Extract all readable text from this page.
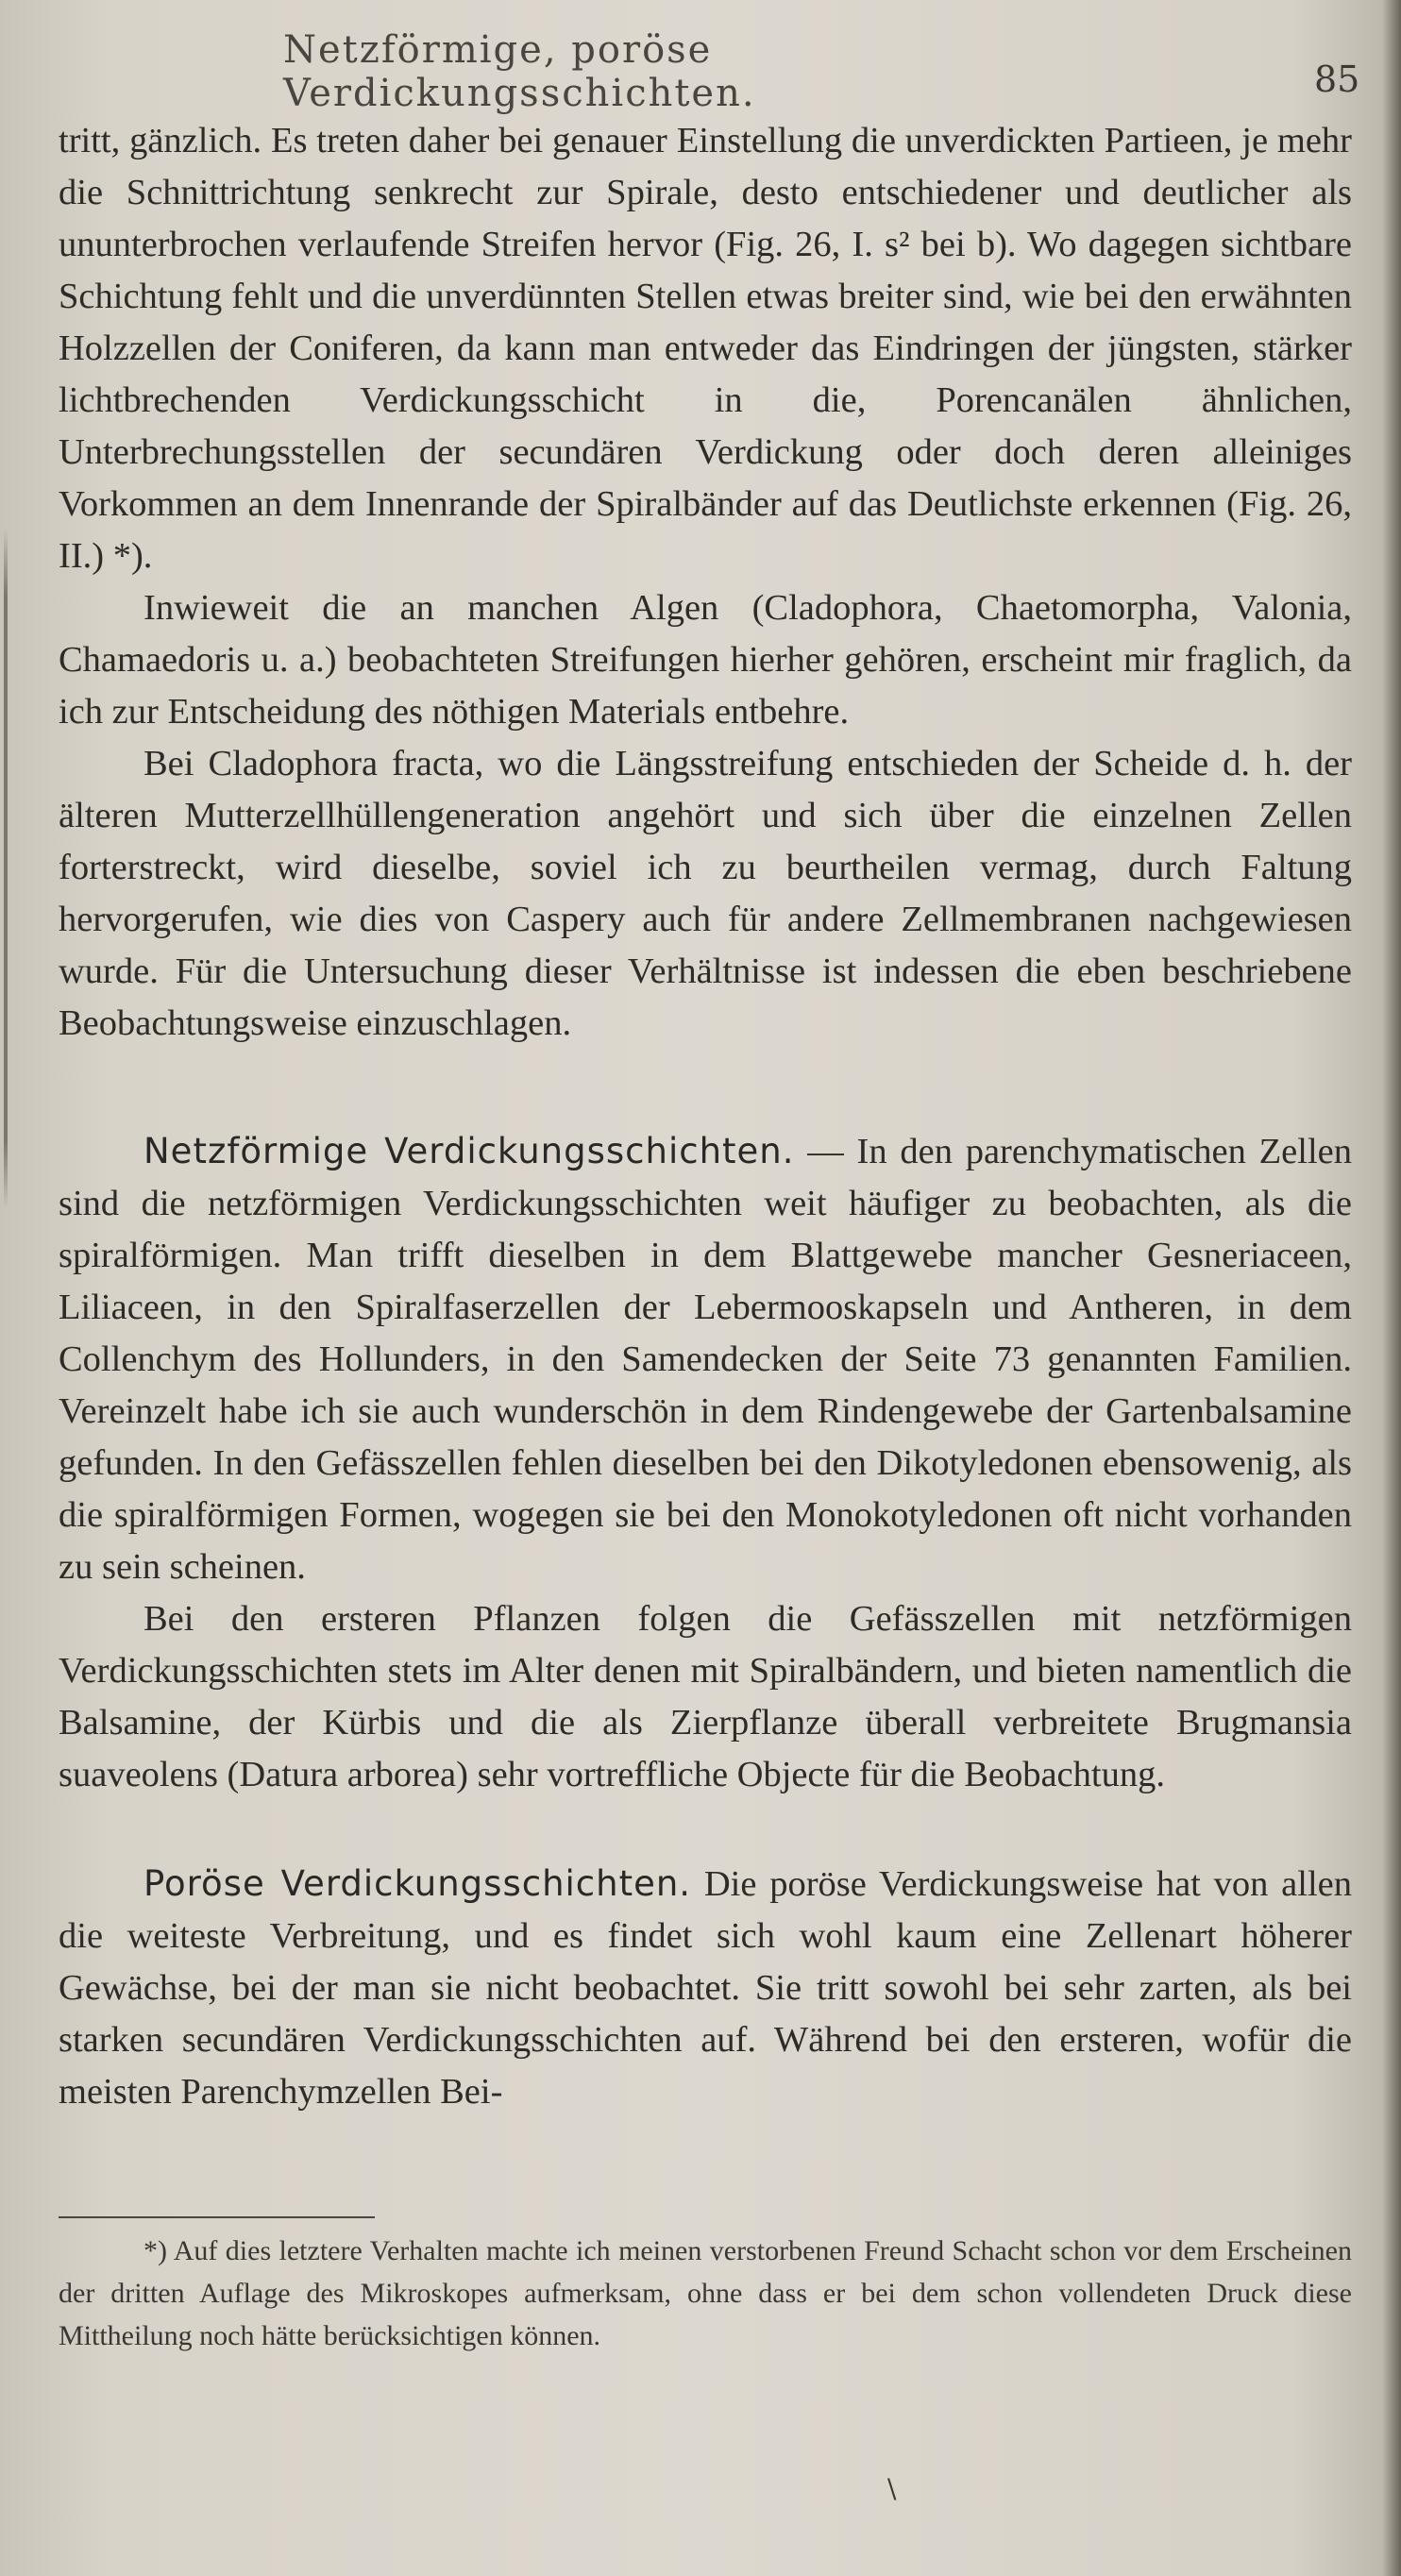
Netzförmige, poröse Verdickungsschichten.	85

tritt, gänzlich. Es treten daher bei genauer Einstellung die unverdickten Partieen, je mehr die Schnittrichtung senkrecht zur Spirale, desto entschiedener und deutlicher als ununterbrochen verlaufende Streifen hervor (Fig. 26, I. s² bei b). Wo dagegen sichtbare Schichtung fehlt und die unverdünnten Stellen etwas breiter sind, wie bei den erwähnten Holzzellen der Coniferen, da kann man entweder das Eindringen der jüngsten, stärker lichtbrechenden Verdickungsschicht in die, Porencanälen ähnlichen, Unterbrechungsstellen der secundären Verdickung oder doch deren alleiniges Vorkommen an dem Innenrande der Spiralbänder auf das Deutlichste erkennen (Fig. 26, II.) *).

Inwieweit die an manchen Algen (Cladophora, Chaetomorpha, Valonia, Chamaedoris u. a.) beobachteten Streifungen hierher gehören, erscheint mir fraglich, da ich zur Entscheidung des nöthigen Materials entbehre.

Bei Cladophora fracta, wo die Längsstreifung entschieden der Scheide d. h. der älteren Mutterzellhüllengeneration angehört und sich über die einzelnen Zellen forterstreckt, wird dieselbe, soviel ich zu beurtheilen vermag, durch Faltung hervorgerufen, wie dies von Caspery auch für andere Zellmembranen nachgewiesen wurde. Für die Untersuchung dieser Verhältnisse ist indessen die eben beschriebene Beobachtungsweise einzuschlagen.

Netzförmige Verdickungsschichten. — In den parenchymatischen Zellen sind die netzförmigen Verdickungsschichten weit häufiger zu beobachten, als die spiralförmigen. Man trifft dieselben in dem Blattgewebe mancher Gesneriaceen, Liliaceen, in den Spiralfaserzellen der Lebermooskapseln und Antheren, in dem Collenchym des Hollunders, in den Samendecken der Seite 73 genannten Familien. Vereinzelt habe ich sie auch wunderschön in dem Rindengewebe der Gartenbalsamine gefunden. In den Gefässzellen fehlen dieselben bei den Dikotyledonen ebensowenig, als die spiralförmigen Formen, wogegen sie bei den Monokotyledonen oft nicht vorhanden zu sein scheinen.

Bei den ersteren Pflanzen folgen die Gefässzellen mit netzförmigen Verdickungsschichten stets im Alter denen mit Spiralbändern, und bieten namentlich die Balsamine, der Kürbis und die als Zierpflanze überall verbreitete Brugmansia suaveolens (Datura arborea) sehr vortreffliche Objecte für die Beobachtung.

Poröse Verdickungsschichten. Die poröse Verdickungsweise hat von allen die weiteste Verbreitung, und es findet sich wohl kaum eine Zellenart höherer Gewächse, bei der man sie nicht beobachtet. Sie tritt sowohl bei sehr zarten, als bei starken secundären Verdickungsschichten auf. Während bei den ersteren, wofür die meisten Parenchymzellen Bei-

*) Auf dies letztere Verhalten machte ich meinen verstorbenen Freund Schacht schon vor dem Erscheinen der dritten Auflage des Mikroskopes aufmerksam, ohne dass er bei dem schon vollendeten Druck diese Mittheilung noch hätte berücksichtigen können.

\
